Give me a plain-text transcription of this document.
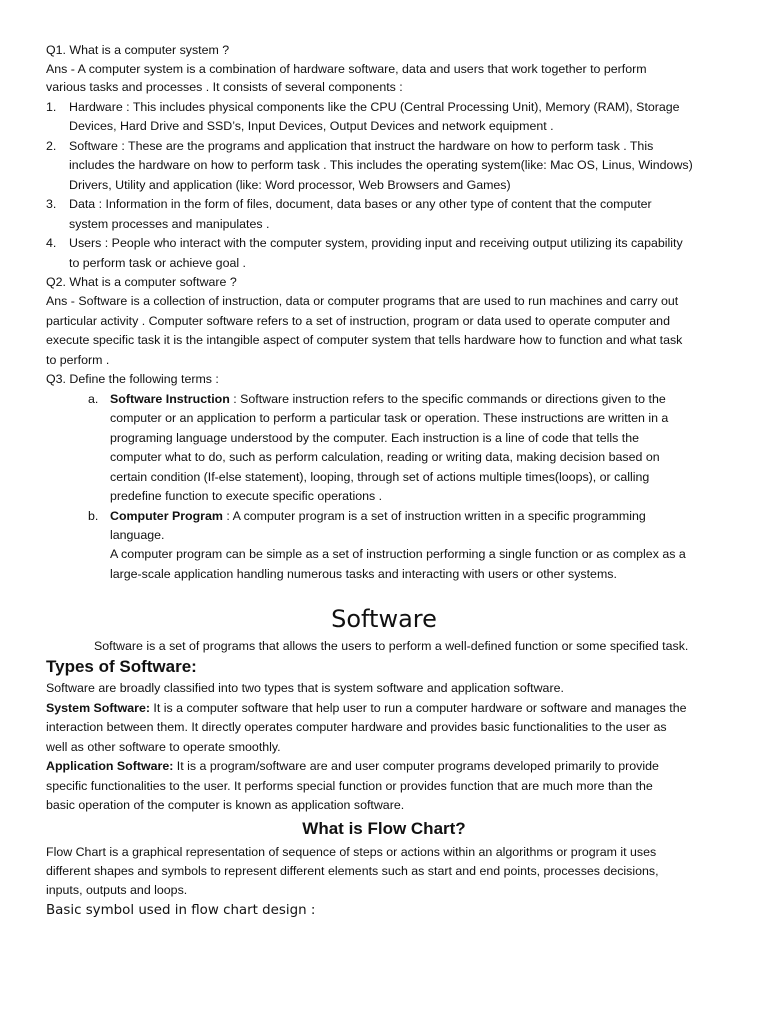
Q1. What is a computer system ?
Ans - A computer system is a combination of hardware software, data and users that work together to perform
various tasks and processes . It consists of several components :
1. Hardware : This includes physical components like the CPU (Central Processing Unit), Memory (RAM), Storage
Devices, Hard Drive and SSD’s, Input Devices, Output Devices and network equipment .
2. Software : These are the programs and application that instruct the hardware on how to perform task . This
includes the hardware on how to perform task . This includes the operating system(like: Mac OS, Linus, Windows)
Drivers, Utility and application (like: Word processor, Web Browsers and Games)
3. Data : Information in the form of files, document, data bases or any other type of content that the computer
system processes and manipulates .
4. Users : People who interact with the computer system, providing input and receiving output utilizing its capability
to perform task or achieve goal .
Q2. What is a computer software ?
Ans - Software is a collection of instruction, data or computer programs that are used to run machines and carry out
particular activity . Computer software refers to a set of instruction, program or data used to operate computer and
execute specific task it is the intangible aspect of computer system that tells hardware how to function and what task
to perform .
Q3. Define the following terms :
a. Software Instruction : Software instruction refers to the specific commands or directions given to the
computer or an application to perform a particular task or operation. These instructions are written in a
programing language understood by the computer. Each instruction is a line of code that tells the
computer what to do, such as perform calculation, reading or writing data, making decision based on
certain condition (If-else statement), looping, through set of actions multiple times(loops), or calling
predefine function to execute specific operations .
b. Computer Program : A computer program is a set of instruction written in a specific programming
language.
A computer program can be simple as a set of instruction performing a single function or as complex as a
large-scale application handling numerous tasks and interacting with users or other systems.
Software
Software is a set of programs that allows the users to perform a well-defined function or some specified task.
Types of Software:
Software are broadly classified into two types that is system software and application software.
System Software: It is a computer software that help user to run a computer hardware or software and manages the
interaction between them. It directly operates computer hardware and provides basic functionalities to the user as
well as other software to operate smoothly.
Application Software: It is a program/software are and user computer programs developed primarily to provide
specific functionalities to the user. It performs special function or provides function that are much more than the
basic operation of the computer is known as application software.
What is Flow Chart?
Flow Chart is a graphical representation of sequence of steps or actions within an algorithms or program it uses
different shapes and symbols to represent different elements such as start and end points, processes decisions,
inputs, outputs and loops.
Basic symbol used in flow chart design :
